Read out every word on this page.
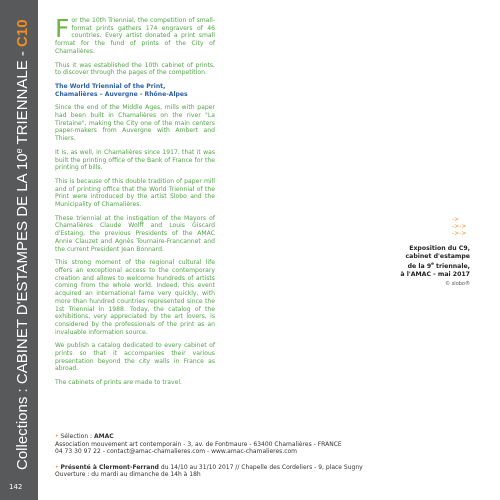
Collections : CABINET D'ESTAMPES DE LA 10e TRIENNALE - C10
142

For the 10th Triennial, the competition of small-format prints gathers 174 engravers of 46 countries. Every artist donated a print small format for the fund of prints of the City of Chamalières.

Thus it was established the 10th cabinet of prints, to discover through the pages of the competition.

The World Triennial of the Print,
Chamalières – Auvergne - Rhône-Alpes

Since the end of the Middle Ages, mills with paper had been built in Chamalières on the river "La Tiretaine", making the City one of the main centers paper-makers from Auvergne with Ambert and Thiers.

It is, as well, in Chamalières since 1917, that it was built the printing office of the Bank of France for the printing of bills.

This is because of this double tradition of paper mill and of printing office that the World Triennial of the Print were introduced by the artist Slobo and the Municipality of Chamalières.

These triennial at the instigation of the Mayors of Chamalières Claude Wolff and Louis Giscard d'Estaing, the previous Presidents of the AMAC Annie Clauzet and Agnès Tournaire-Francannet and the current President Jean Bonnard.

This strong moment of the regional cultural life offers an exceptional access to the contemporary creation and allows to welcome hundreds of artists coming from the whole world. Indeed, this event acquired an international fame very quickly, with more than hundred countries represented since the 1st Triennial in 1988. Today, the catalog of the exhibitions, very appreciated by the art lovers, is considered by the professionals of the print as an invaluable information source.

We publish a catalog dedicated to every cabinet of prints so that it accompanies their various presentation beyond the city walls in France as abroad.

The cabinets of prints are made to travel.

->
->->
->->
Exposition du C9,
cabinet d'estampe
de la 9e triennale,
à l'AMAC - mai 2017
© slobo®
• Sélection : AMAC
Association mouvement art contemporain - 3, av. de Fontmaure - 63400 Chamalières - FRANCE
04 73 30 97 22 - contact@amac-chamalieres.com - www.amac-chamalieres.com
• Présenté à Clermont-Ferrand du 14/10 au 31/10 2017 // Chapelle des Cordeliers - 9, place Sugny
Ouverture : du mardi au dimanche de 14h à 18h
